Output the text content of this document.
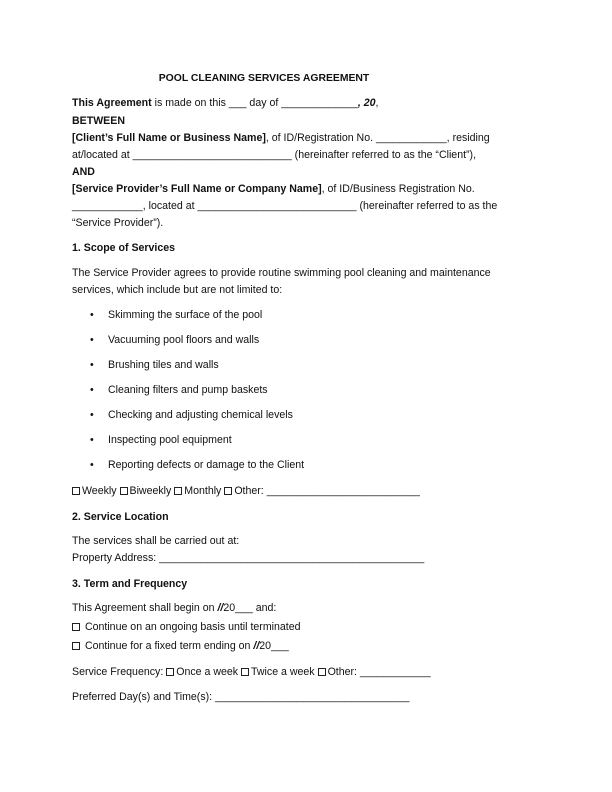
POOL CLEANING SERVICES AGREEMENT
This Agreement is made on this ___ day of _____________, 20,
BETWEEN
[Client’s Full Name or Business Name], of ID/Registration No. ____________, residing
at/located at ___________________________ (hereinafter referred to as the “Client”),
AND
[Service Provider’s Full Name or Company Name], of ID/Business Registration No.
____________, located at ___________________________ (hereinafter referred to as the
“Service Provider”).
1. Scope of Services
The Service Provider agrees to provide routine swimming pool cleaning and maintenance
services, which include but are not limited to:
• Skimming the surface of the pool
• Vacuuming pool floors and walls
• Brushing tiles and walls
• Cleaning filters and pump baskets
• Checking and adjusting chemical levels
• Inspecting pool equipment
• Reporting defects or damage to the Client
Weekly Biweekly Monthly Other: __________________________
2. Service Location
The services shall be carried out at:
Property Address: _____________________________________________
3. Term and Frequency
This Agreement shall begin on //20___ and:
Continue on an ongoing basis until terminated
Continue for a fixed term ending on //20___
Service Frequency: Once a week Twice a week Other: ____________
Preferred Day(s) and Time(s): _________________________________
